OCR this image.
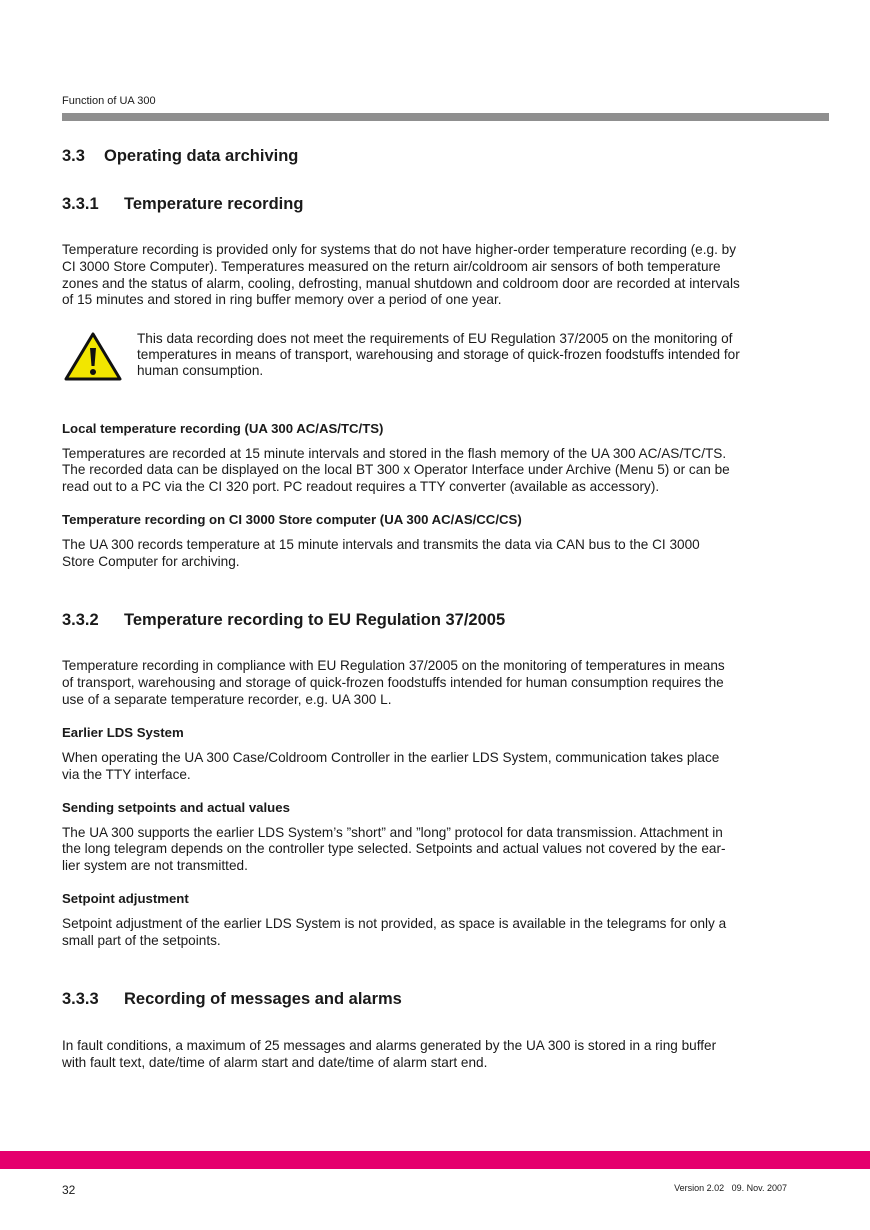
Function of UA 300
3.3 Operating data archiving
3.3.1 Temperature recording
Temperature recording is provided only for systems that do not have higher-order temperature recording (e.g. by
CI 3000 Store Computer). Temperatures measured on the return air/coldroom air sensors of both temperature
zones and the status of alarm, cooling, defrosting, manual shutdown and coldroom door are recorded at intervals
of 15 minutes and stored in ring buffer memory over a period of one year.
This data recording does not meet the requirements of EU Regulation 37/2005 on the monitoring of
temperatures in means of transport, warehousing and storage of quick-frozen foodstuffs intended for
human consumption.
Local temperature recording (UA 300 AC/AS/TC/TS)
Temperatures are recorded at 15 minute intervals and stored in the flash memory of the UA 300 AC/AS/TC/TS.
The recorded data can be displayed on the local BT 300 x Operator Interface under Archive (Menu 5) or can be
read out to a PC via the CI 320 port. PC readout requires a TTY converter (available as accessory).
Temperature recording on CI 3000 Store computer (UA 300 AC/AS/CC/CS)
The UA 300 records temperature at 15 minute intervals and transmits the data via CAN bus to the CI 3000
Store Computer for archiving.
3.3.2 Temperature recording to EU Regulation 37/2005
Temperature recording in compliance with EU Regulation 37/2005 on the monitoring of temperatures in means
of transport, warehousing and storage of quick-frozen foodstuffs intended for human consumption requires the
use of a separate temperature recorder, e.g. UA 300 L.
Earlier LDS System
When operating the UA 300 Case/Coldroom Controller in the earlier LDS System, communication takes place
via the TTY interface.
Sending setpoints and actual values
The UA 300 supports the earlier LDS System’s ”short” and ”long” protocol for data transmission. Attachment in
the long telegram depends on the controller type selected. Setpoints and actual values not covered by the ear-
lier system are not transmitted.
Setpoint adjustment
Setpoint adjustment of the earlier LDS System is not provided, as space is available in the telegrams for only a
small part of the setpoints.
3.3.3 Recording of messages and alarms
In fault conditions, a maximum of 25 messages and alarms generated by the UA 300 is stored in a ring buffer
with fault text, date/time of alarm start and date/time of alarm start end.
32	Version 2.02   09. Nov. 2007
